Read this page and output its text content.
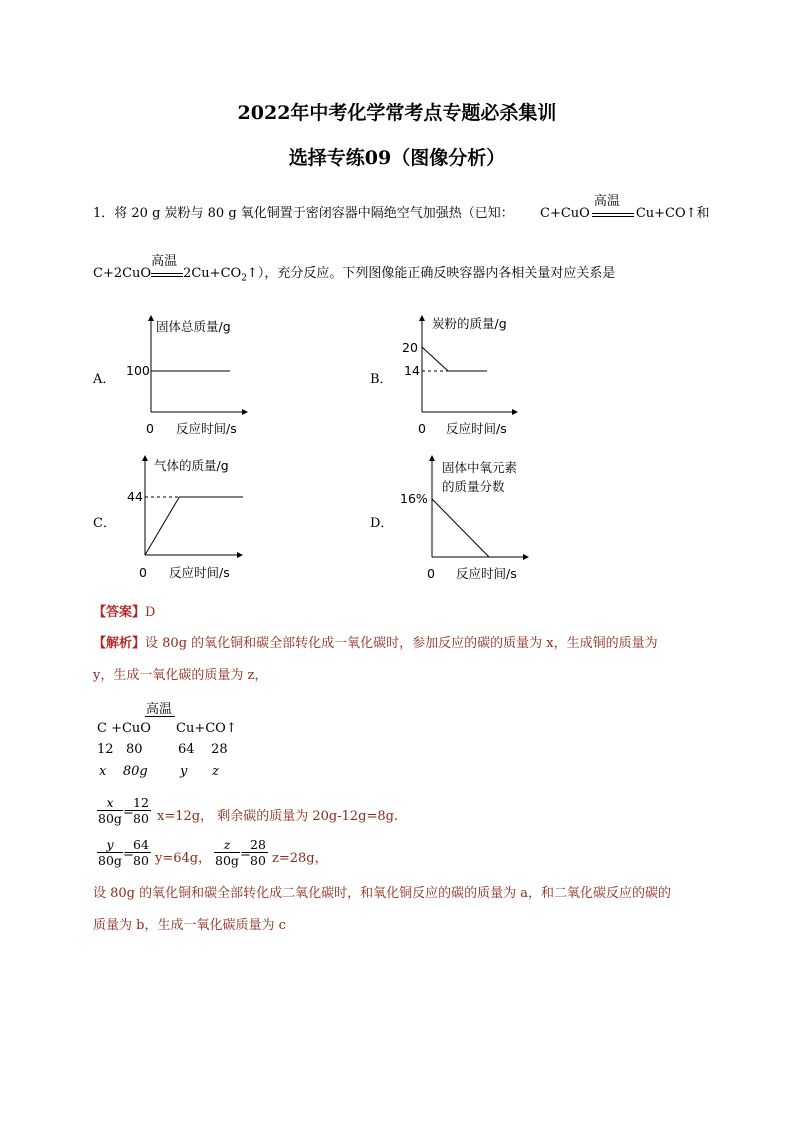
2022年中考化学常考点专题必杀集训
选择专练09（图像分析）
1．将 20 g 炭粉与 80 g 氧化铜置于密闭容器中隔绝空气加强热（已知： C+CuO
高温
Cu+CO↑和
C+2CuO
高温
$2Cu+CO_2↑$），充分反应。下列图像能正确反映容器内各相关量对应关系是
A．
固体总质量/g
100
0 反应时间/s
B．
炭粉的质量/g
20
14
0 反应时间/s
C．
气体的质量/g
44
0 反应时间/s
D．
固体中氧元素
的质量分数
16%
0 反应时间/s
【答案】D
【解析】设 80g 的氧化铜和碳全部转化成一氧化碳时，参加反应的碳的质量为 x，生成铜的质量为
y，生成一氧化碳的质量为 z，
高温
C +CuO Cu+CO↑
12   80	64    28
x    80g y      z
$\frac{x}{80g}$ =
$\frac{12}{80} x=12g$， 剩余碳的质量为 20g-12g=8g.
$\frac{y}{80g}$ =
$\frac{64}{80} y=64g$， $\frac{z}{80g}$ =
$\frac{28}{80} z=28g$，
设 80g 的氧化铜和碳全部转化成二氧化碳时，和氧化铜反应的碳的质量为 a，和二氧化碳反应的碳的
质量为 b，生成一氧化碳质量为 c
